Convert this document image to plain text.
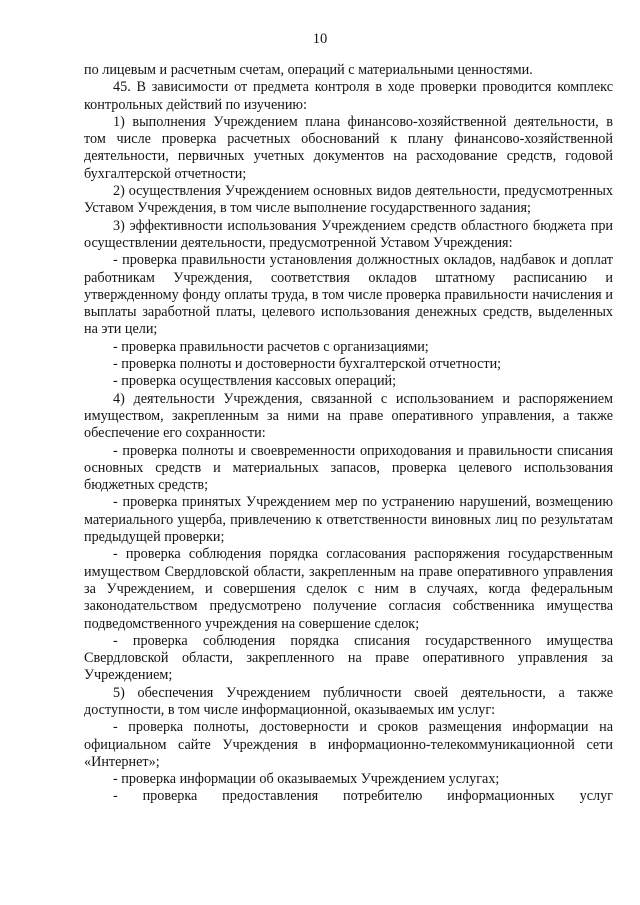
10

по лицевым и расчетным счетам, операций с материальными ценностями.

45. В зависимости от предмета контроля в ходе проверки проводится комплекс контрольных действий по изучению:

1) выполнения Учреждением плана финансово-хозяйственной деятельности, в том числе проверка расчетных обоснований к плану финансово-хозяйственной деятельности, первичных учетных документов на расходование средств, годовой бухгалтерской отчетности;

2) осуществления Учреждением основных видов деятельности, предусмотренных Уставом Учреждения, в том числе выполнение государственного задания;

3) эффективности использования Учреждением средств областного бюджета при осуществлении деятельности, предусмотренной Уставом Учреждения:

- проверка правильности установления должностных окладов, надбавок и доплат работникам Учреждения, соответствия окладов штатному расписанию и утвержденному фонду оплаты труда, в том числе проверка правильности начисления и выплаты заработной платы, целевого использования денежных средств, выделенных на эти цели;

- проверка правильности расчетов с организациями;

- проверка полноты и достоверности бухгалтерской отчетности;

- проверка осуществления кассовых операций;

4) деятельности Учреждения, связанной с использованием и распоряжением имуществом, закрепленным за ними на праве оперативного управления, а также обеспечение его сохранности:

- проверка полноты и своевременности оприходования и правильности списания основных средств и материальных запасов, проверка целевого использования бюджетных средств;

- проверка принятых Учреждением мер по устранению нарушений, возмещению материального ущерба, привлечению к ответственности виновных лиц по результатам предыдущей проверки;

- проверка соблюдения порядка согласования распоряжения государственным имуществом Свердловской области, закрепленным на праве оперативного управления за Учреждением, и совершения сделок с ним в случаях, когда федеральным законодательством предусмотрено получение согласия собственника имущества подведомственного учреждения на совершение сделок;

- проверка соблюдения порядка списания государственного имущества Свердловской области, закрепленного на праве оперативного управления за Учреждением;

5) обеспечения Учреждением публичности своей деятельности, а также доступности, в том числе информационной, оказываемых им услуг:

- проверка полноты, достоверности и сроков размещения информации на официальном сайте Учреждения в информационно-телекоммуникационной сети «Интернет»;

- проверка информации об оказываемых Учреждением услугах;

- проверка предоставления потребителю информационных услуг
